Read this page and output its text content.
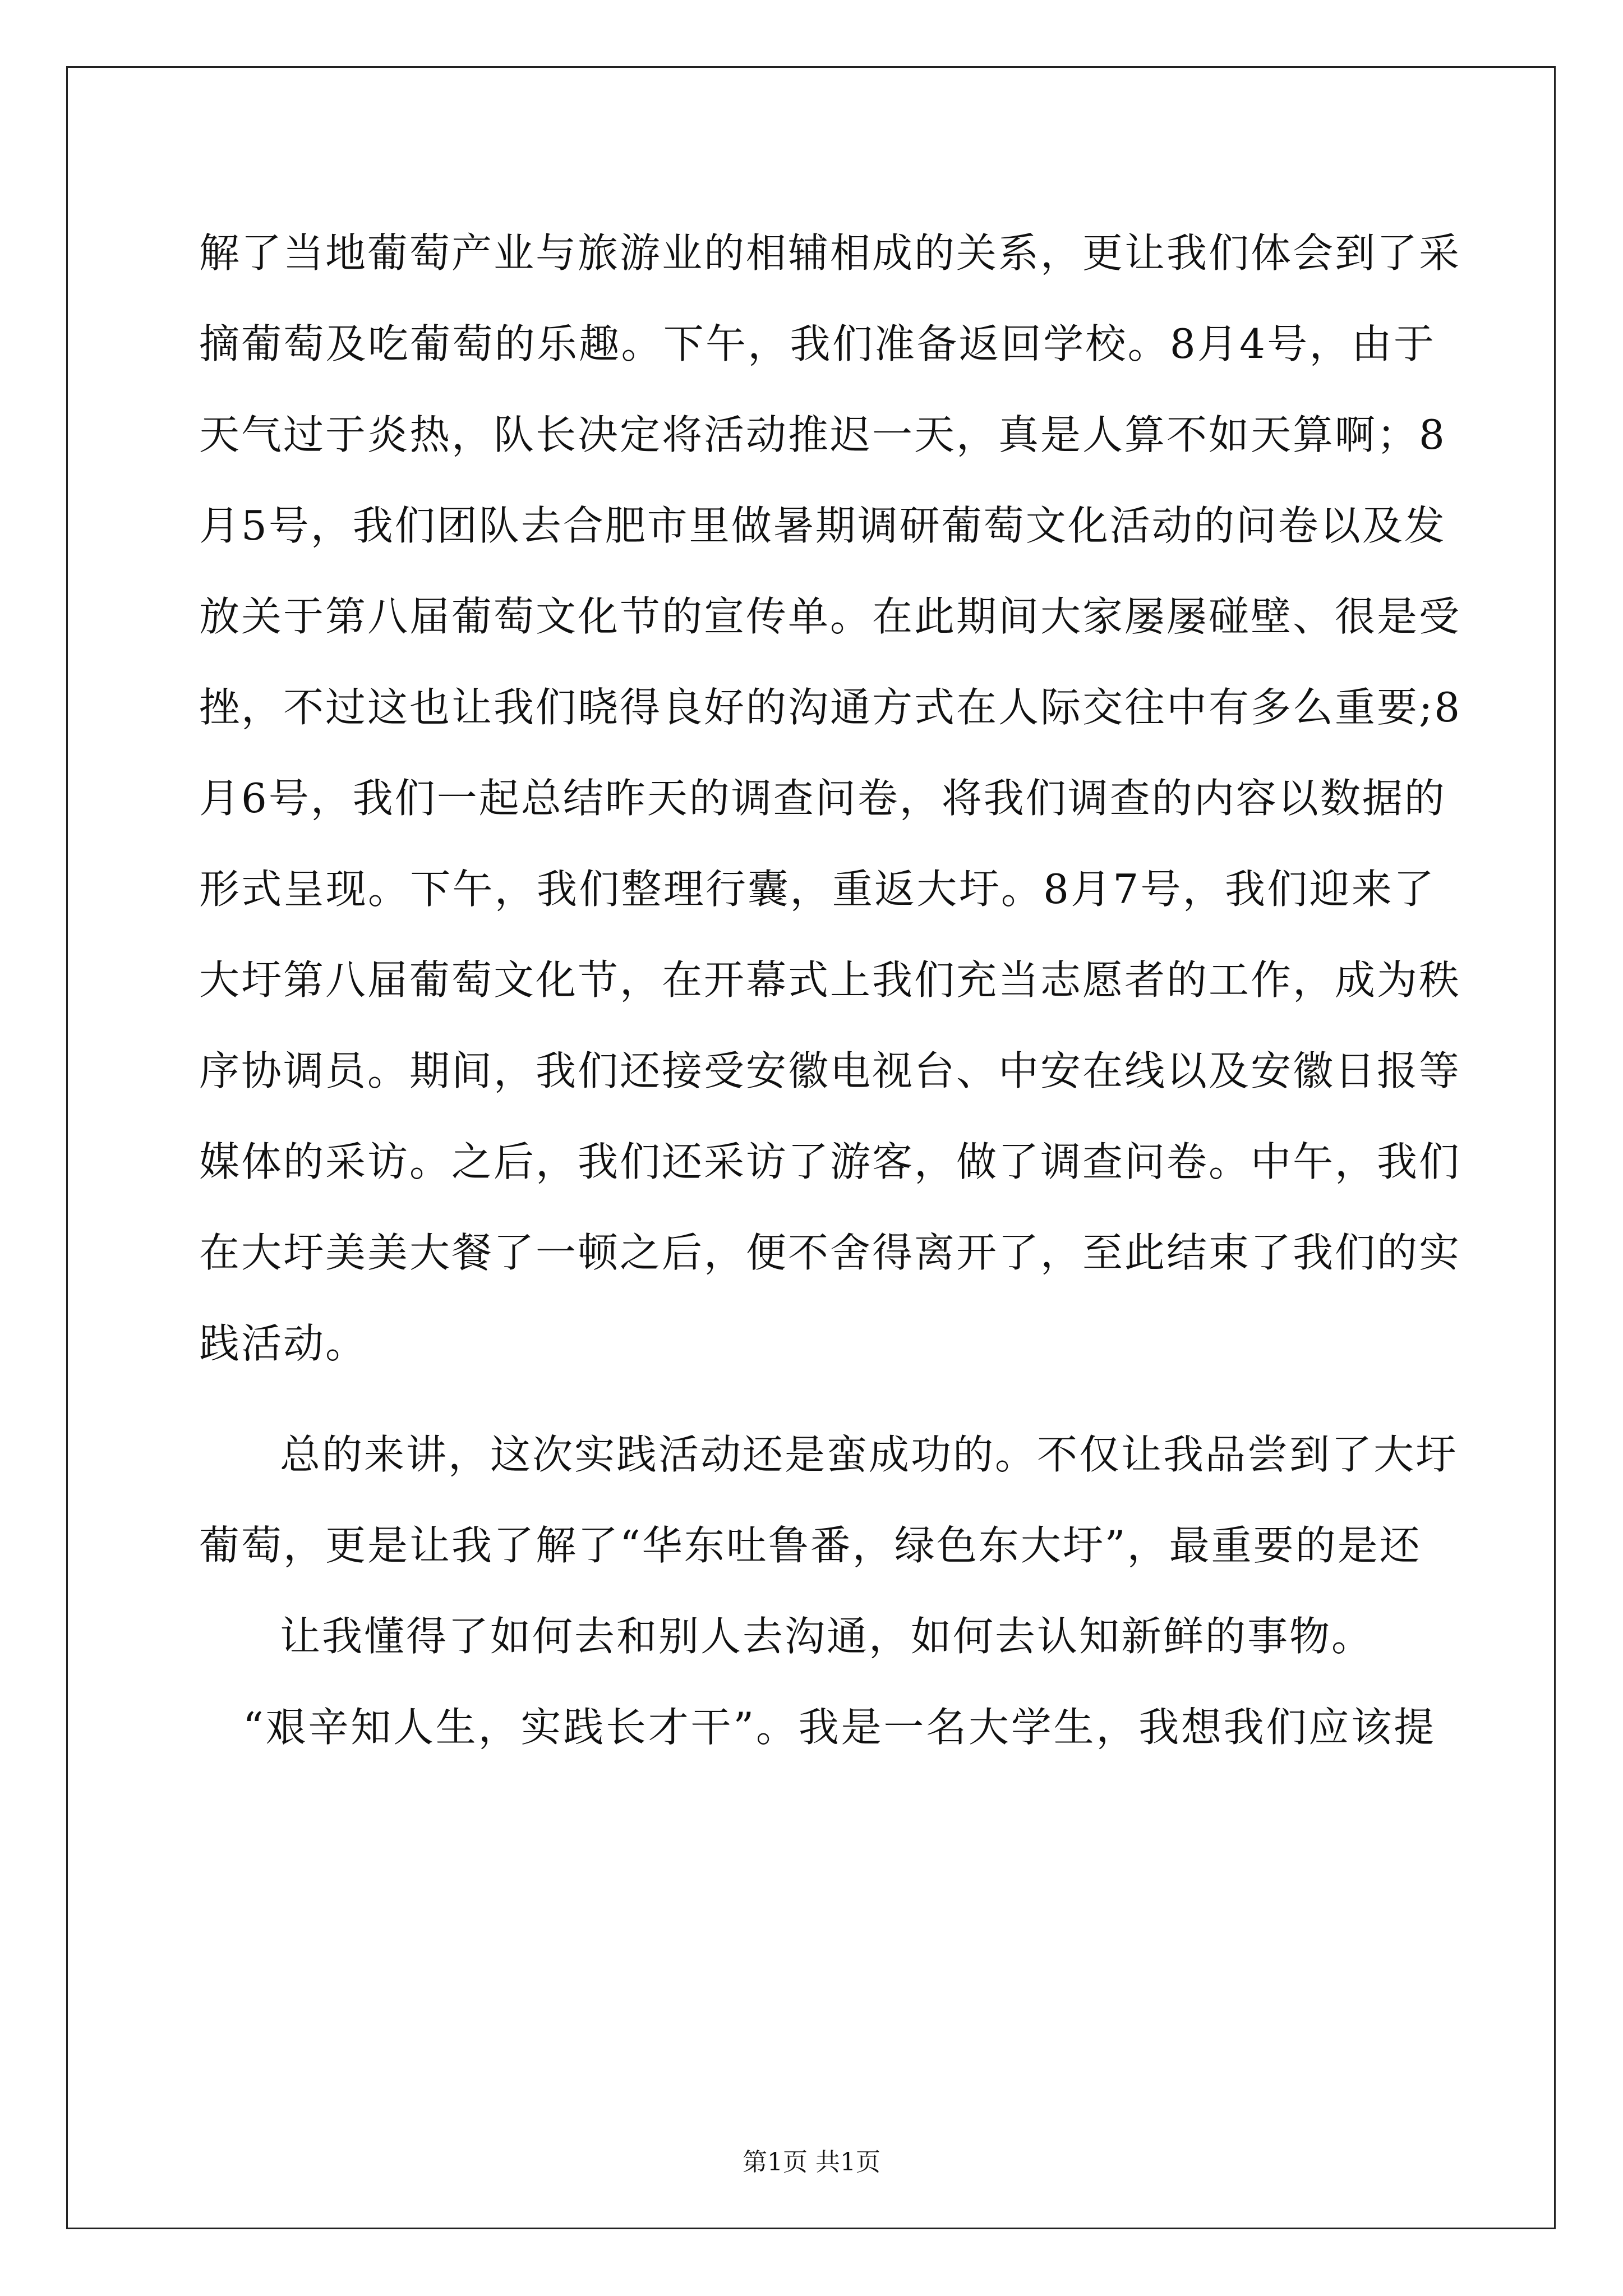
解了当地葡萄产业与旅游业的相辅相成的关系，更让我们体会到了采
摘葡萄及吃葡萄的乐趣。下午，我们准备返回学校。8月4号，由于
天气过于炎热，队长决定将活动推迟一天，真是人算不如天算啊；8
月5号，我们团队去合肥市里做暑期调研葡萄文化活动的问卷以及发
放关于第八届葡萄文化节的宣传单。在此期间大家屡屡碰壁、很是受
挫，不过这也让我们晓得良好的沟通方式在人际交往中有多么重要;8
月6号，我们一起总结昨天的调查问卷，将我们调查的内容以数据的
形式呈现。下午，我们整理行囊，重返大圩。8月7号，我们迎来了
大圩第八届葡萄文化节，在开幕式上我们充当志愿者的工作，成为秩
序协调员。期间，我们还接受安徽电视台、中安在线以及安徽日报等
媒体的采访。之后，我们还采访了游客，做了调查问卷。中午，我们
在大圩美美大餐了一顿之后，便不舍得离开了，至此结束了我们的实
践活动。
总的来讲，这次实践活动还是蛮成功的。不仅让我品尝到了大圩
葡萄，更是让我了解了“华东吐鲁番，绿色东大圩”，最重要的是还
让我懂得了如何去和别人去沟通，如何去认知新鲜的事物。
“艰辛知人生，实践长才干”。我是一名大学生，我想我们应该提
第1页 共1页
